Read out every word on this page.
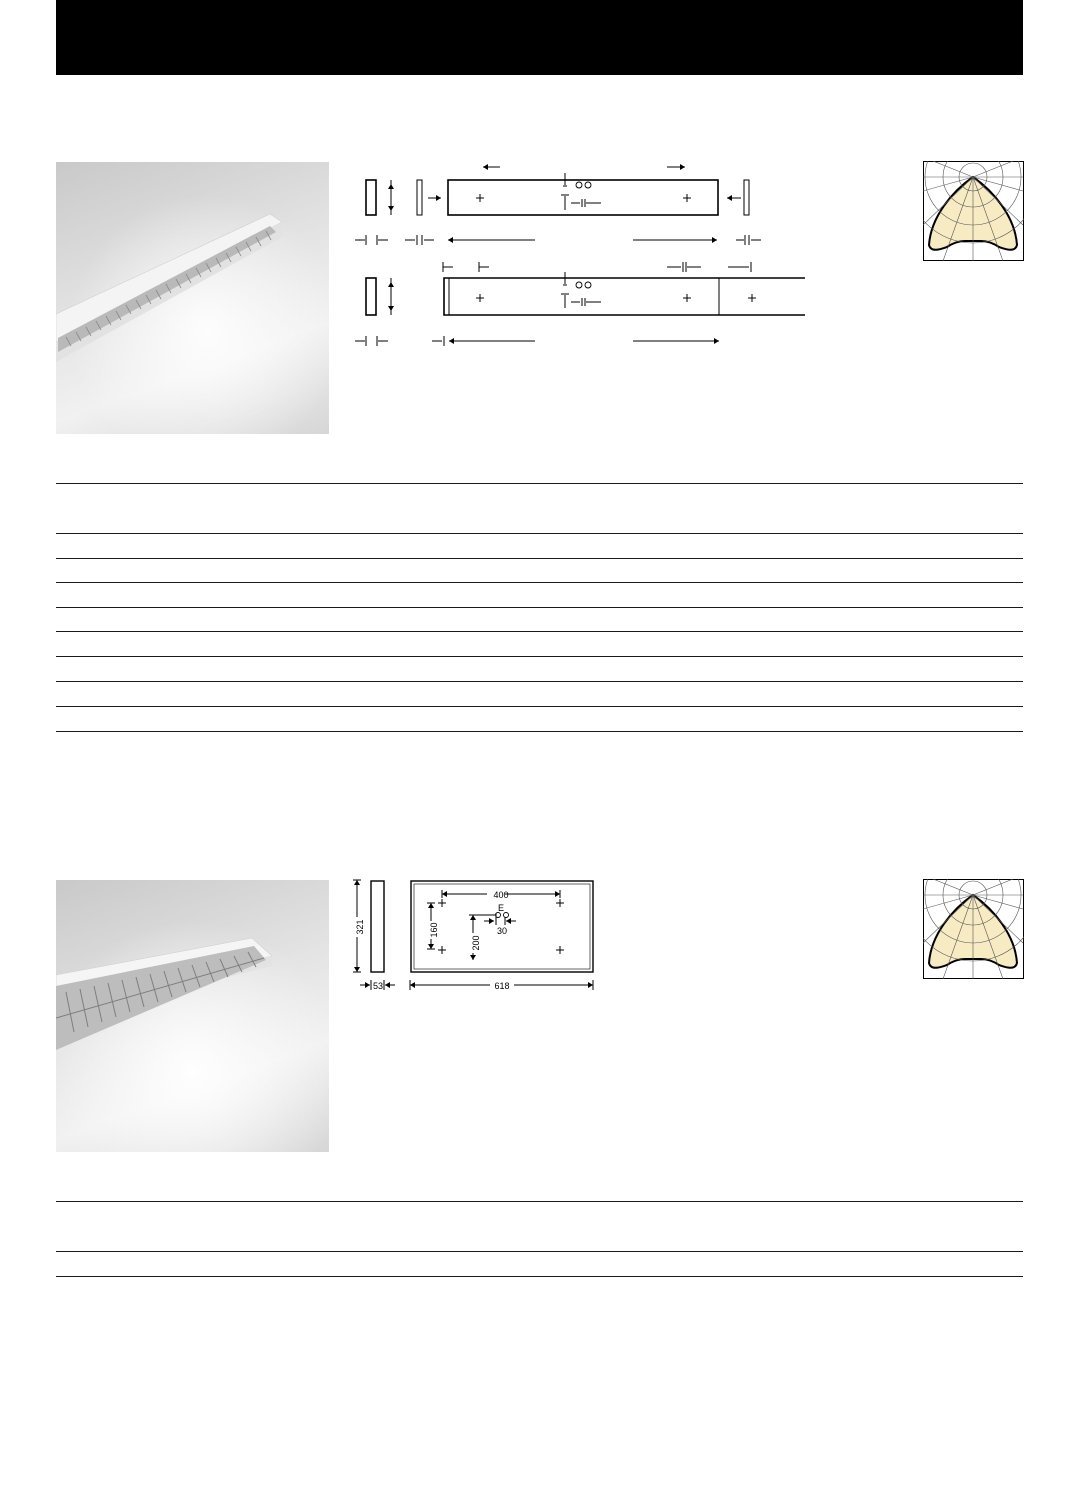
400
321	160
200
E
30
53	618
